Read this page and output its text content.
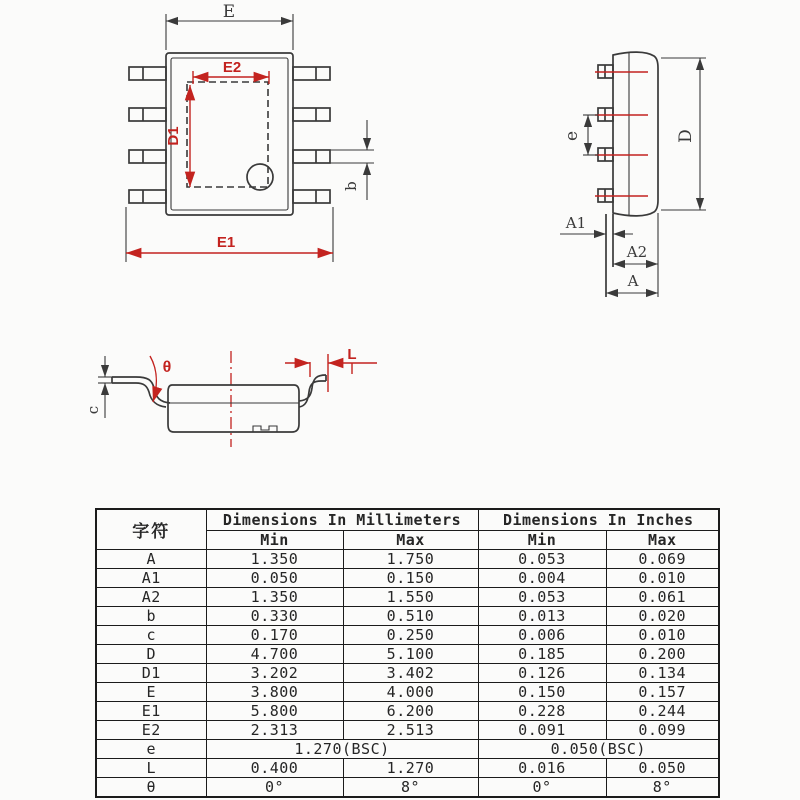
E
b
E2
D1
E1
e	D
A1
A2
A
c
θ
L
字符	Dimensions In Millimeters		Dimensions In Inches	
	Min	Max	Min	Max
A	1.350	1.750	0.053	0.069
A1	0.050	0.150	0.004	0.010
A2	1.350	1.550	0.053	0.061
b	0.330	0.510	0.013	0.020
c	0.170	0.250	0.006	0.010
D	4.700	5.100	0.185	0.200
D1	3.202	3.402	0.126	0.134
E	3.800	4.000	0.150	0.157
E1	5.800	6.200	0.228	0.244
E2	2.313	2.513	0.091	0.099
e	1.270(BSC)		0.050(BSC)	
L	0.400	1.270	0.016	0.050
θ	0°	8°	0°	8°
